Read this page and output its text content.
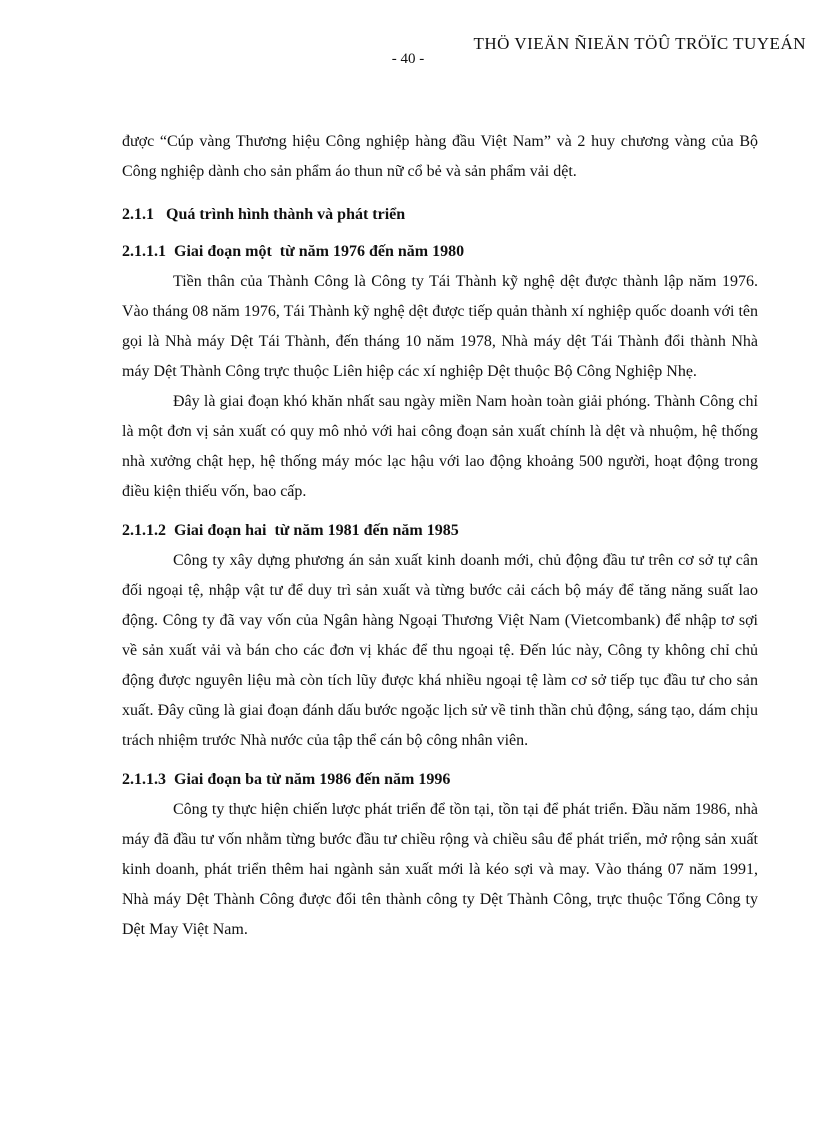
THÖ VIEÄN ÑIEÄN TÖÛ TRÖÏC TUYEÁN
- 40 -

được “Cúp vàng Thương hiệu Công nghiệp hàng đầu Việt Nam” và 2 huy chương vàng của Bộ Công nghiệp dành cho sản phẩm áo thun nữ cổ bẻ và sản phẩm vải dệt.

2.1.1   Quá trình hình thành và phát triển
2.1.1.1  Giai đoạn một  từ năm 1976 đến năm 1980

Tiền thân của Thành Công là Công ty Tái Thành kỹ nghệ dệt được thành lập năm 1976. Vào tháng 08 năm 1976, Tái Thành kỹ nghệ dệt được tiếp quản thành xí nghiệp quốc doanh với tên gọi là Nhà máy Dệt Tái Thành, đến tháng 10 năm 1978, Nhà máy dệt Tái Thành đổi thành Nhà máy Dệt Thành Công trực thuộc Liên hiệp các xí nghiệp Dệt thuộc Bộ Công Nghiệp Nhẹ.

Đây là giai đoạn khó khăn nhất sau ngày miền Nam hoàn toàn giải phóng. Thành Công chỉ là một đơn vị sản xuất có quy mô nhỏ với hai công đoạn sản xuất chính là dệt và nhuộm, hệ thống nhà xưởng chật hẹp, hệ thống máy móc lạc hậu với lao động khoảng 500 người, hoạt động trong điều kiện thiếu vốn, bao cấp.

2.1.1.2  Giai đoạn hai  từ năm 1981 đến năm 1985

Công ty xây dựng phương án sản xuất kinh doanh mới, chủ động đầu tư trên cơ sở tự cân đối ngoại tệ, nhập vật tư để duy trì sản xuất và từng bước cải cách bộ máy để tăng năng suất lao động. Công ty đã vay vốn của Ngân hàng Ngoại Thương Việt Nam (Vietcombank) để nhập tơ sợi về sản xuất vải và bán cho các đơn vị khác để thu ngoại tệ. Đến lúc này, Công ty không chỉ chủ động được nguyên liệu mà còn tích lũy được khá nhiều ngoại tệ làm cơ sở tiếp tục đầu tư cho sản xuất. Đây cũng là giai đoạn đánh dấu bước ngoặc lịch sử về tinh thần chủ động, sáng tạo, dám chịu trách nhiệm trước Nhà nước của tập thể cán bộ công nhân viên.

2.1.1.3  Giai đoạn ba từ năm 1986 đến năm 1996

Công ty thực hiện chiến lược phát triển để tồn tại, tồn tại để phát triển. Đầu năm 1986, nhà máy đã đầu tư vốn nhằm từng bước đầu tư chiều rộng và chiều sâu để phát triển, mở rộng sản xuất kinh doanh, phát triển thêm hai ngành sản xuất mới là kéo sợi và may. Vào tháng 07 năm 1991, Nhà máy Dệt Thành Công được đổi tên thành công ty Dệt Thành Công, trực thuộc Tổng Công ty Dệt May Việt Nam.
